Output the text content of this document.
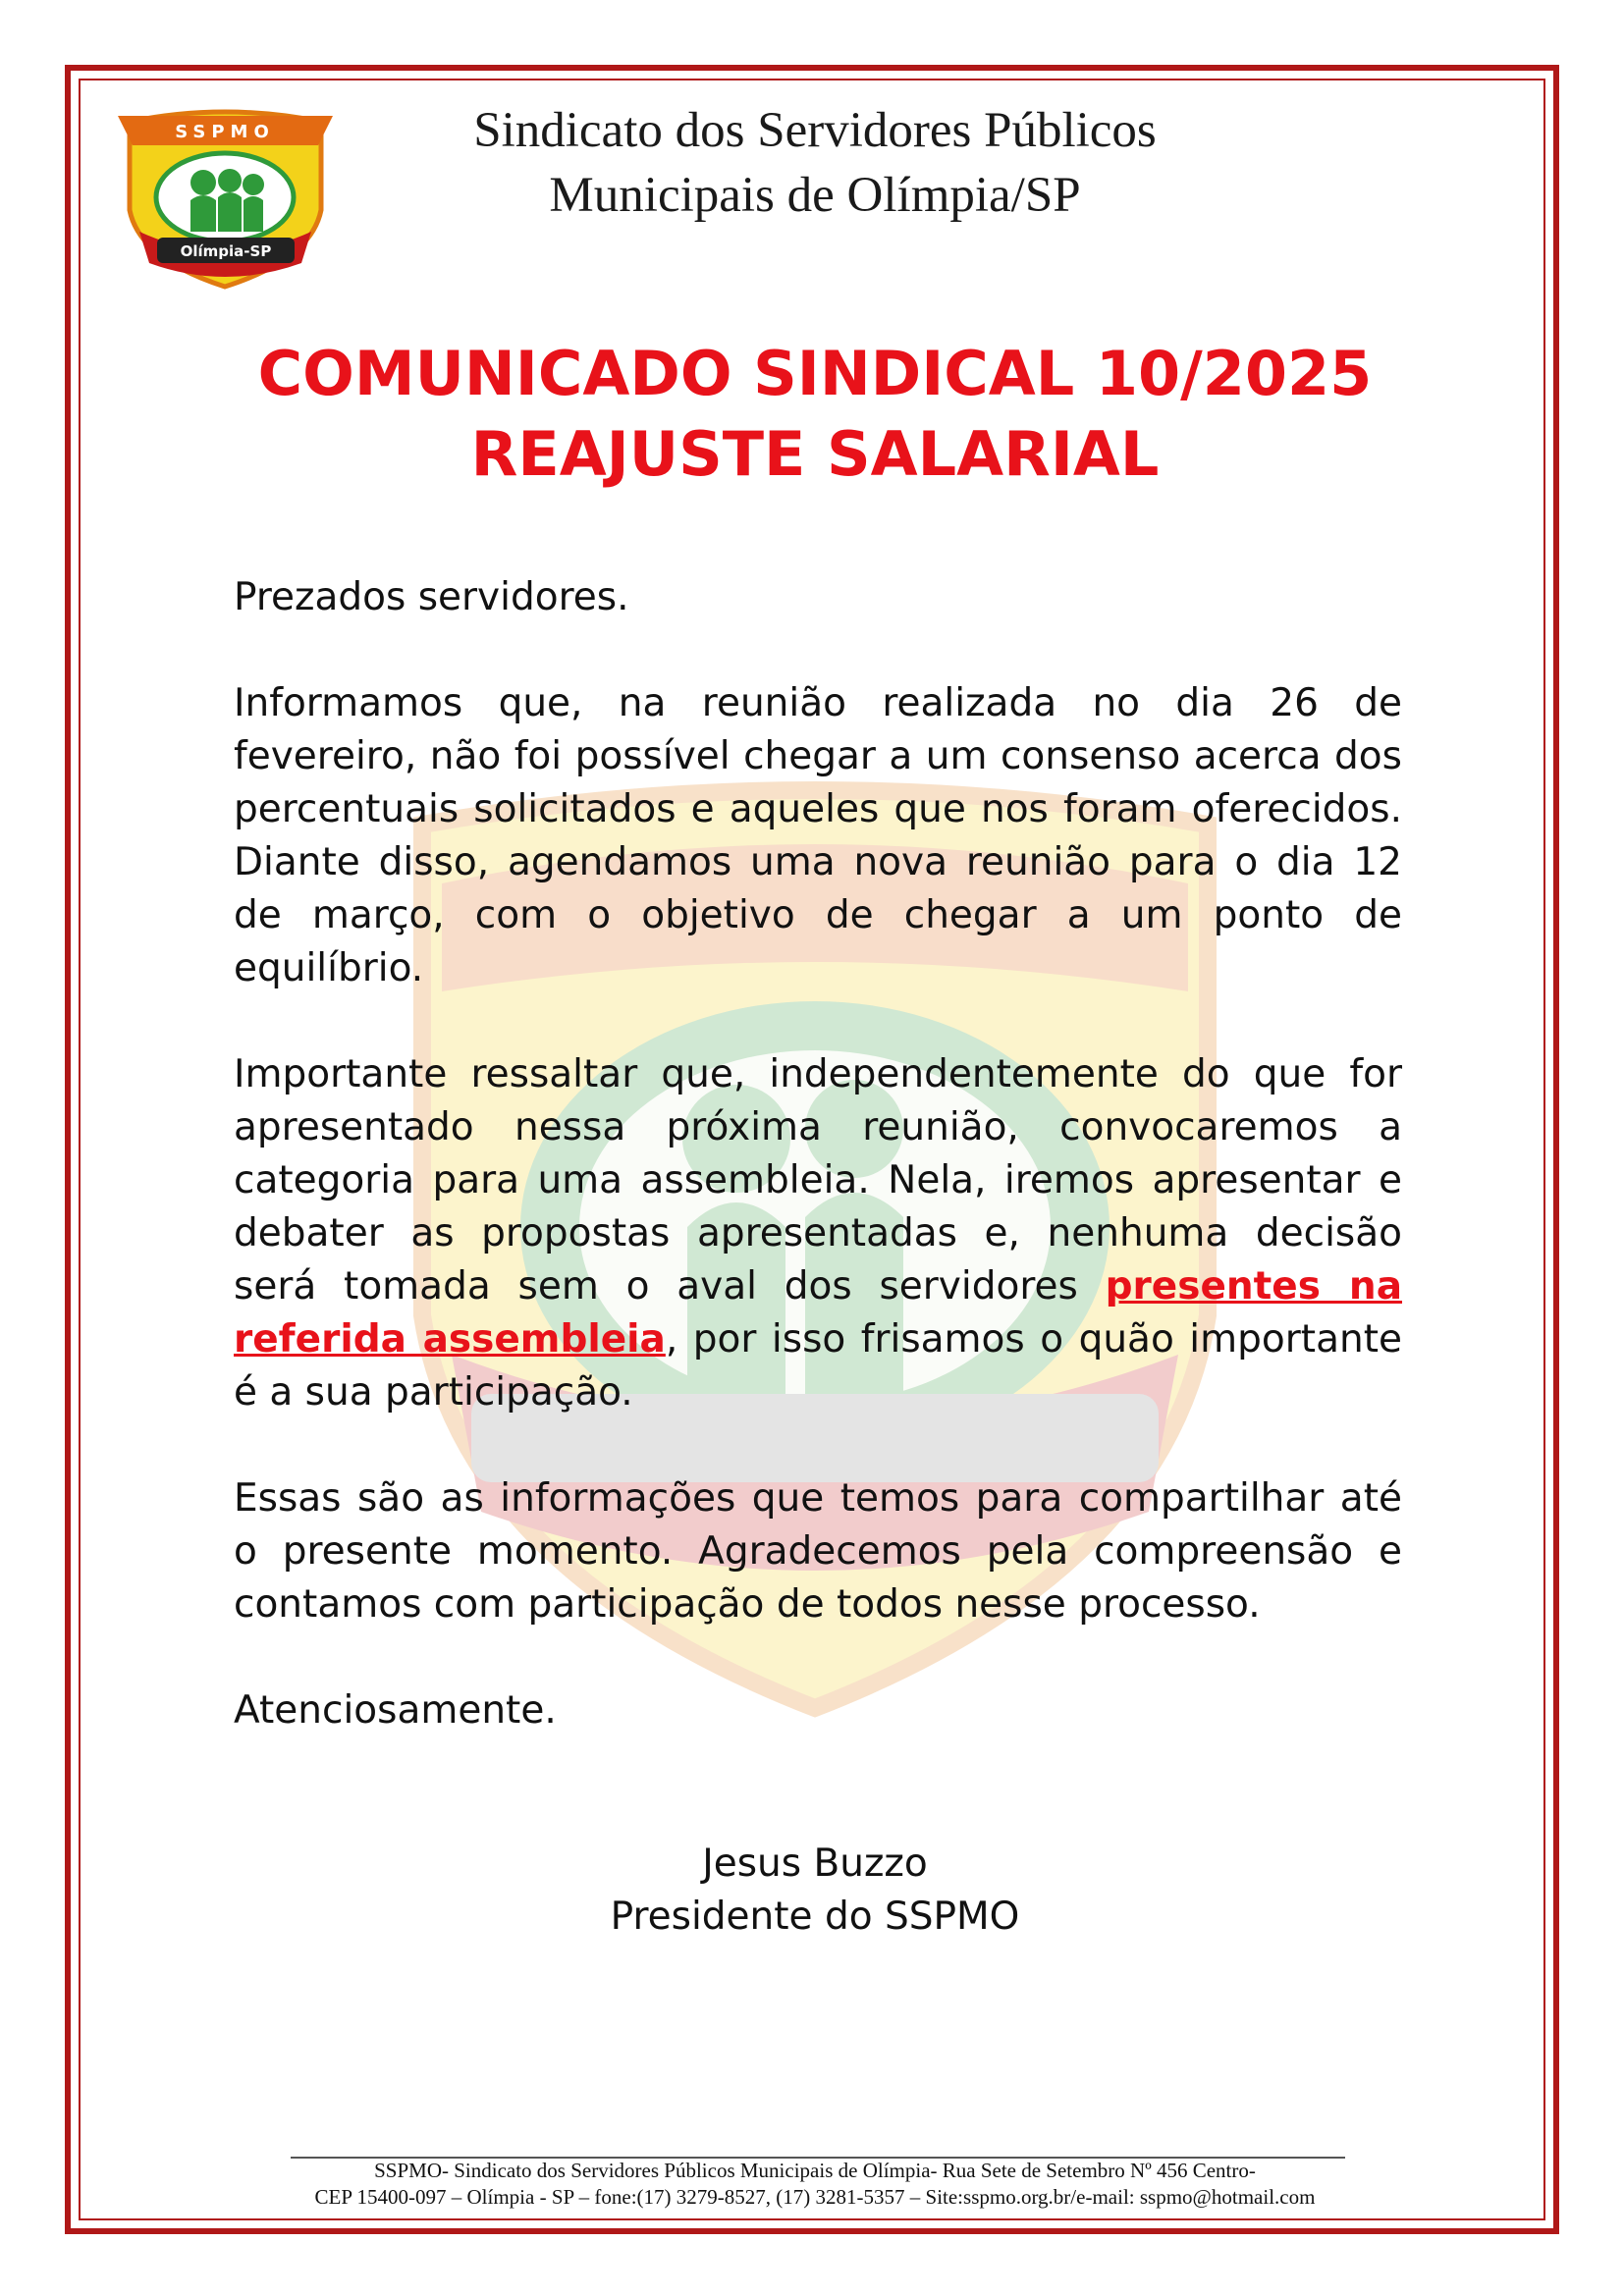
SSPMO
Olímpia-SP
Sindicato dos Servidores Públicos
Municipais de Olímpia/SP
COMUNICADO SINDICAL 10/2025
REAJUSTE SALARIAL

Prezados servidores.

Informamos que, na reunião realizada no dia 26 de fevereiro, não foi possível chegar a um consenso acerca dos percentuais solicitados e aqueles que nos foram oferecidos. Diante disso, agendamos uma nova reunião para o dia 12 de março, com o objetivo de chegar a um ponto de equilíbrio.

Importante ressaltar que, independentemente do que for apresentado nessa próxima reunião, convocaremos a categoria para uma assembleia. Nela, iremos apresentar e debater as propostas apresentadas e, nenhuma decisão será tomada sem o aval dos servidores presentes na referida assembleia, por isso frisamos o quão importante é a sua participação.

Essas são as informações que temos para compartilhar até o presente momento. Agradecemos pela compreensão e contamos com participação de todos nesse processo.

Atenciosamente.

Jesus Buzzo
Presidente do SSPMO
SSPMO- Sindicato dos Servidores Públicos Municipais de Olímpia- Rua Sete de Setembro Nº 456 Centro-
CEP 15400-097 – Olímpia - SP – fone:(17) 3279-8527, (17) 3281-5357 – Site:sspmo.org.br/e-mail: sspmo@hotmail.com
